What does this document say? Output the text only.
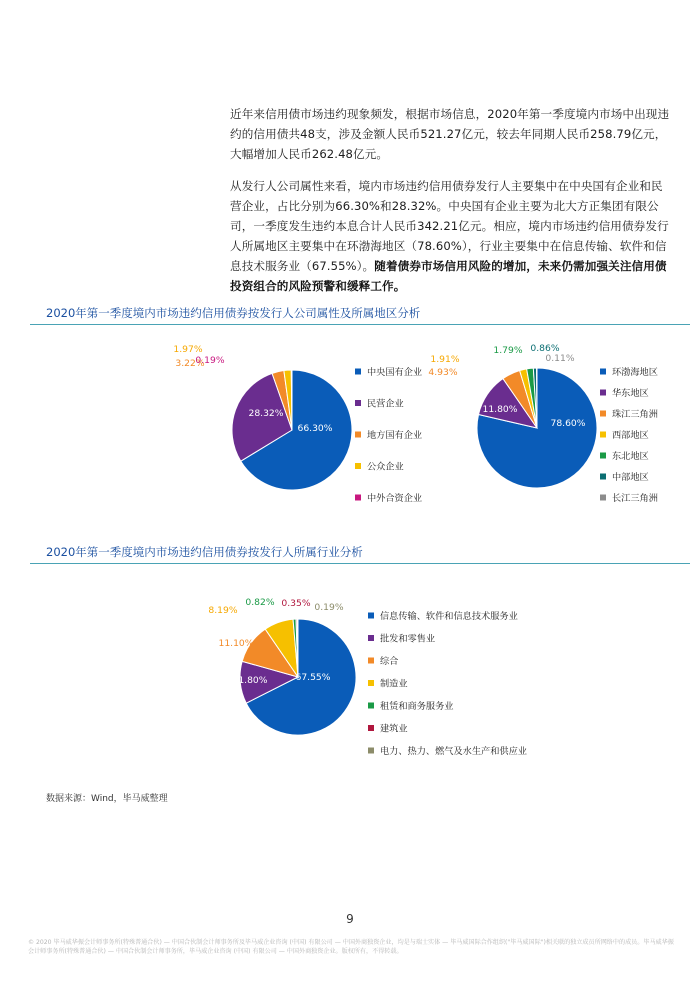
近年来信用债市场违约现象频发，根据市场信息，2020年第一季度境内市场中出现违约的信用债共48支，涉及金额人民币521.27亿元，较去年同期人民币258.79亿元，大幅增加人民币262.48亿元。
从发行人公司属性来看，境内市场违约信用债券发行人主要集中在中央国有企业和民营企业，占比分别为66.30%和28.32%。中央国有企业主要为北大方正集团有限公司，一季度发生违约本息合计人民币342.21亿元。相应，境内市场违约信用债券发行人所属地区主要集中在环渤海地区（78.60%），行业主要集中在信息传输、软件和信息技术服务业（67.55%）。随着债券市场信用风险的增加，未来仍需加强关注信用债投资组合的风险预警和缓释工作。
2020年第一季度境内市场违约信用债券按发行人公司属性及所属地区分析
66.30%
28.32%
3.22%
1.97%
0.19%
中央国有企业
民营企业
地方国有企业
公众企业
中外合资企业
78.60%
11.80%
4.93%
1.91%
1.79% 0.86%
0.11%
环渤海地区
华东地区
珠江三角洲
西部地区
东北地区
中部地区
长江三角洲
2020年第一季度境内市场违约信用债券按发行人所属行业分析
67.55%
11.80%
11.10%
8.19%
0.82% 0.35% 0.19%
信息传输、软件和信息技术服务业
批发和零售业
综合
制造业
租赁和商务服务业
建筑业
电力、热力、燃气及水生产和供应业
数据来源：Wind，毕马威整理
9
© 2020 毕马威华振会计师事务所(特殊普通合伙) — 中国合伙制会计师事务所及毕马威企业咨询 (中国) 有限公司 — 中国外商独资企业，均是与瑞士实体 — 毕马威国际合作组织("毕马威国际")相关联的独立成员所网络中的成员。毕马威华振会计师事务所(特殊普通合伙) — 中国合伙制会计师事务所，毕马威企业咨询 (中国) 有限公司 — 中国外商独资企业。版权所有，不得转载。
